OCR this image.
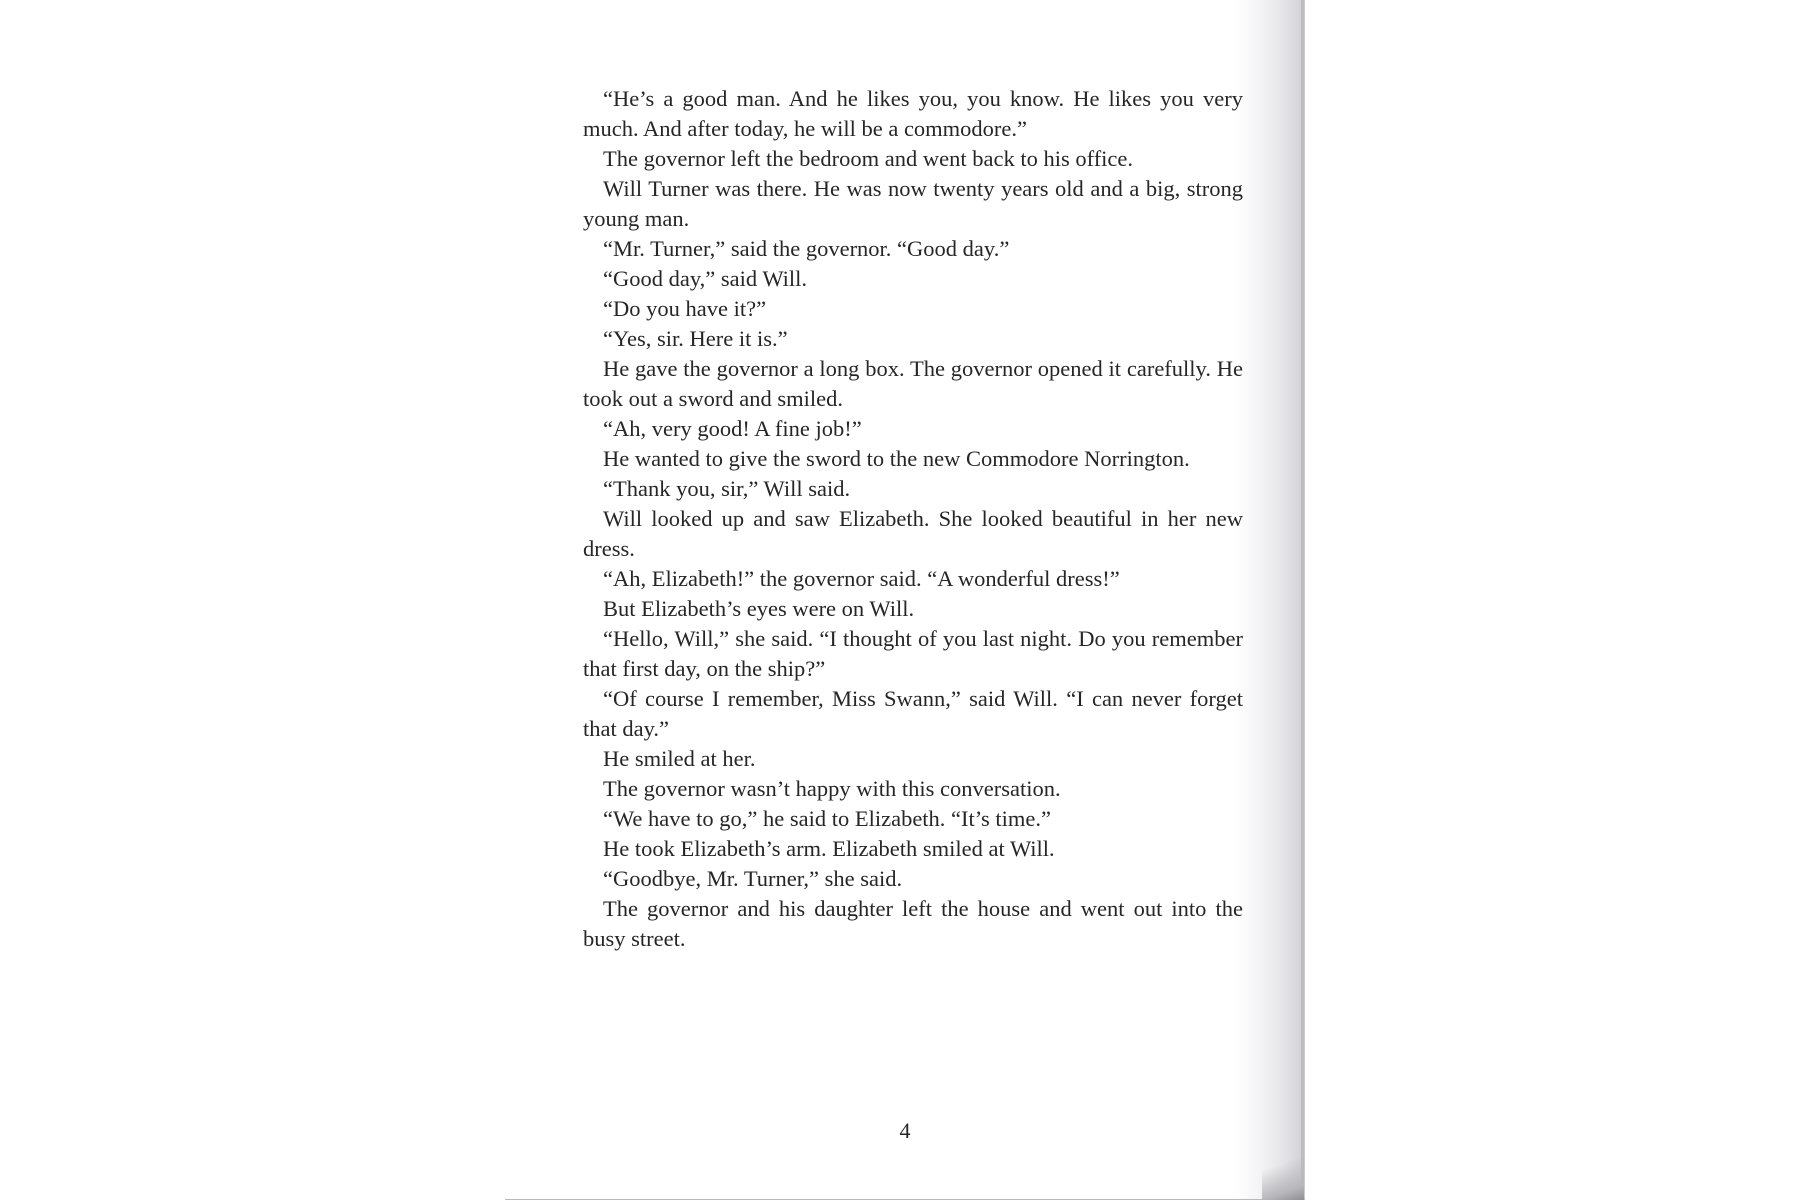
“He’s a good man. And he likes you, you know. He likes you very much. And after today, he will be a commodore.”

The governor left the bedroom and went back to his office.

Will Turner was there. He was now twenty years old and a big, strong young man.

“Mr. Turner,” said the governor. “Good day.”

“Good day,” said Will.

“Do you have it?”

“Yes, sir. Here it is.”

He gave the governor a long box. The governor opened it carefully. He took out a sword and smiled.

“Ah, very good! A fine job!”

He wanted to give the sword to the new Commodore Norrington.

“Thank you, sir,” Will said.

Will looked up and saw Elizabeth. She looked beautiful in her new dress.

“Ah, Elizabeth!” the governor said. “A wonderful dress!”

But Elizabeth’s eyes were on Will.

“Hello, Will,” she said. “I thought of you last night. Do you remember that first day, on the ship?”

“Of course I remember, Miss Swann,” said Will. “I can never forget that day.”

He smiled at her.

The governor wasn’t happy with this conversation.

“We have to go,” he said to Elizabeth. “It’s time.”

He took Elizabeth’s arm. Elizabeth smiled at Will.

“Goodbye, Mr. Turner,” she said.

The governor and his daughter left the house and went out into the busy street.

4
